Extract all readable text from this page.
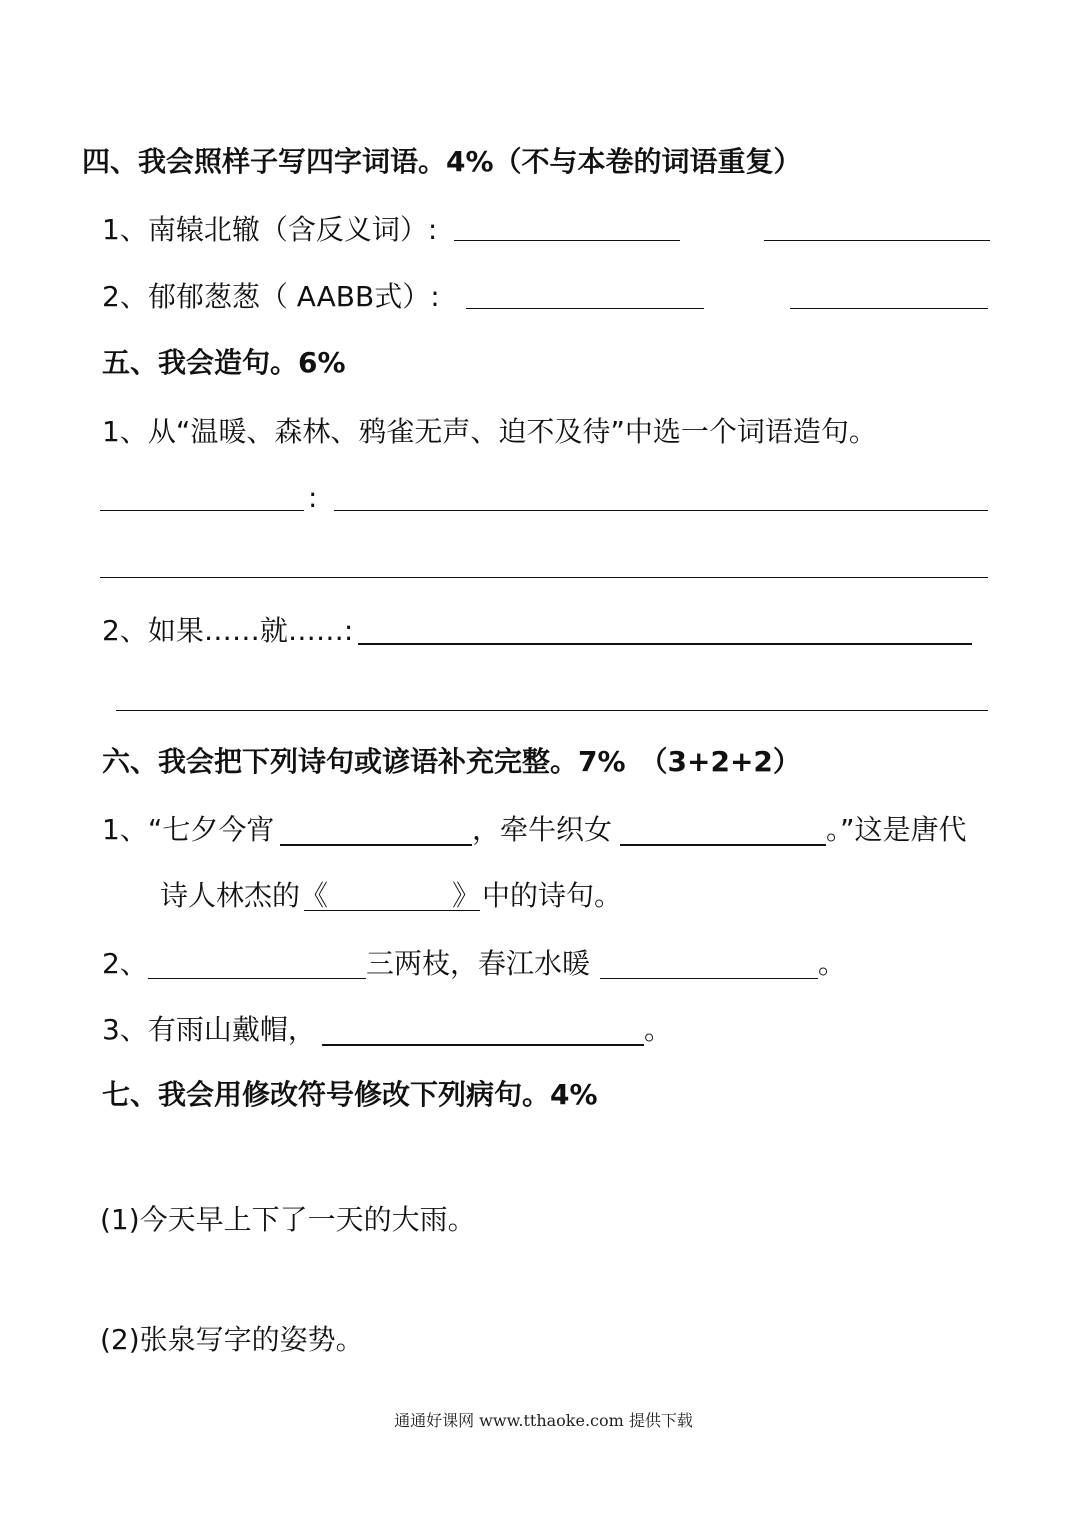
四、我会照样子写四字词语。4%（不与本卷的词语重复）
1、南辕北辙（含反义词）:
2、郁郁葱葱（ AABB式）:
五、我会造句。6%
1、从“温暖、森林、鸦雀无声、迫不及待”中选一个词语造句。
:
2、如果……就……:
六、我会把下列诗句或谚语补充完整。7%　（3+2+2）
1、“七夕今宵	，牵牛织女	。”这是唐代
诗人林杰的 《	》 中的诗句。
2、	三两枝，春江水暖	。
3、有雨山戴帽，	。
七、我会用修改符号修改下列病句。4%
(1)今天早上下了一天的大雨。
(2)张泉写字的姿势。
通通好课网 www.tthaoke.com 提供下载
